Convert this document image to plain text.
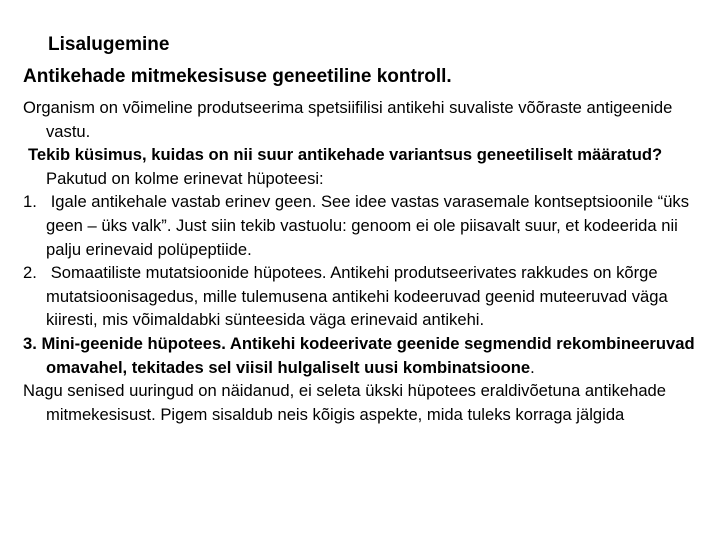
Lisalugemine
Antikehade mitmekesisuse geneetiline kontroll.

Organism on võimeline produtseerima spetsiifilisi antikehi suvaliste võõraste antigeenide vastu.

Tekib küsimus, kuidas on nii suur antikehade variantsus geneetiliselt määratud? Pakutud on kolme erinevat hüpoteesi:

1. Igale antikehale vastab erinev geen. See idee vastas varasemale kontseptsioonile “üks geen – üks valk”. Just siin tekib vastuolu: genoom ei ole piisavalt suur, et kodeerida nii palju erinevaid polüpeptiide.

2. Somaatiliste mutatsioonide hüpotees. Antikehi produtseerivates rakkudes on kõrge mutatsioonisagedus, mille tulemusena antikehi kodeeruvad geenid muteeruvad väga kiiresti, mis võimaldabki sünteesida väga erinevaid antikehi.

3. Mini-geenide hüpotees. Antikehi kodeerivate geenide segmendid rekombineeruvad omavahel, tekitades sel viisil hulgaliselt uusi kombinatsioone.

Nagu senised uuringud on näidanud, ei seleta ükski hüpotees eraldivõetuna antikehade mitmekesisust. Pigem sisaldub neis kõigis aspekte, mida tuleks korraga jälgida
